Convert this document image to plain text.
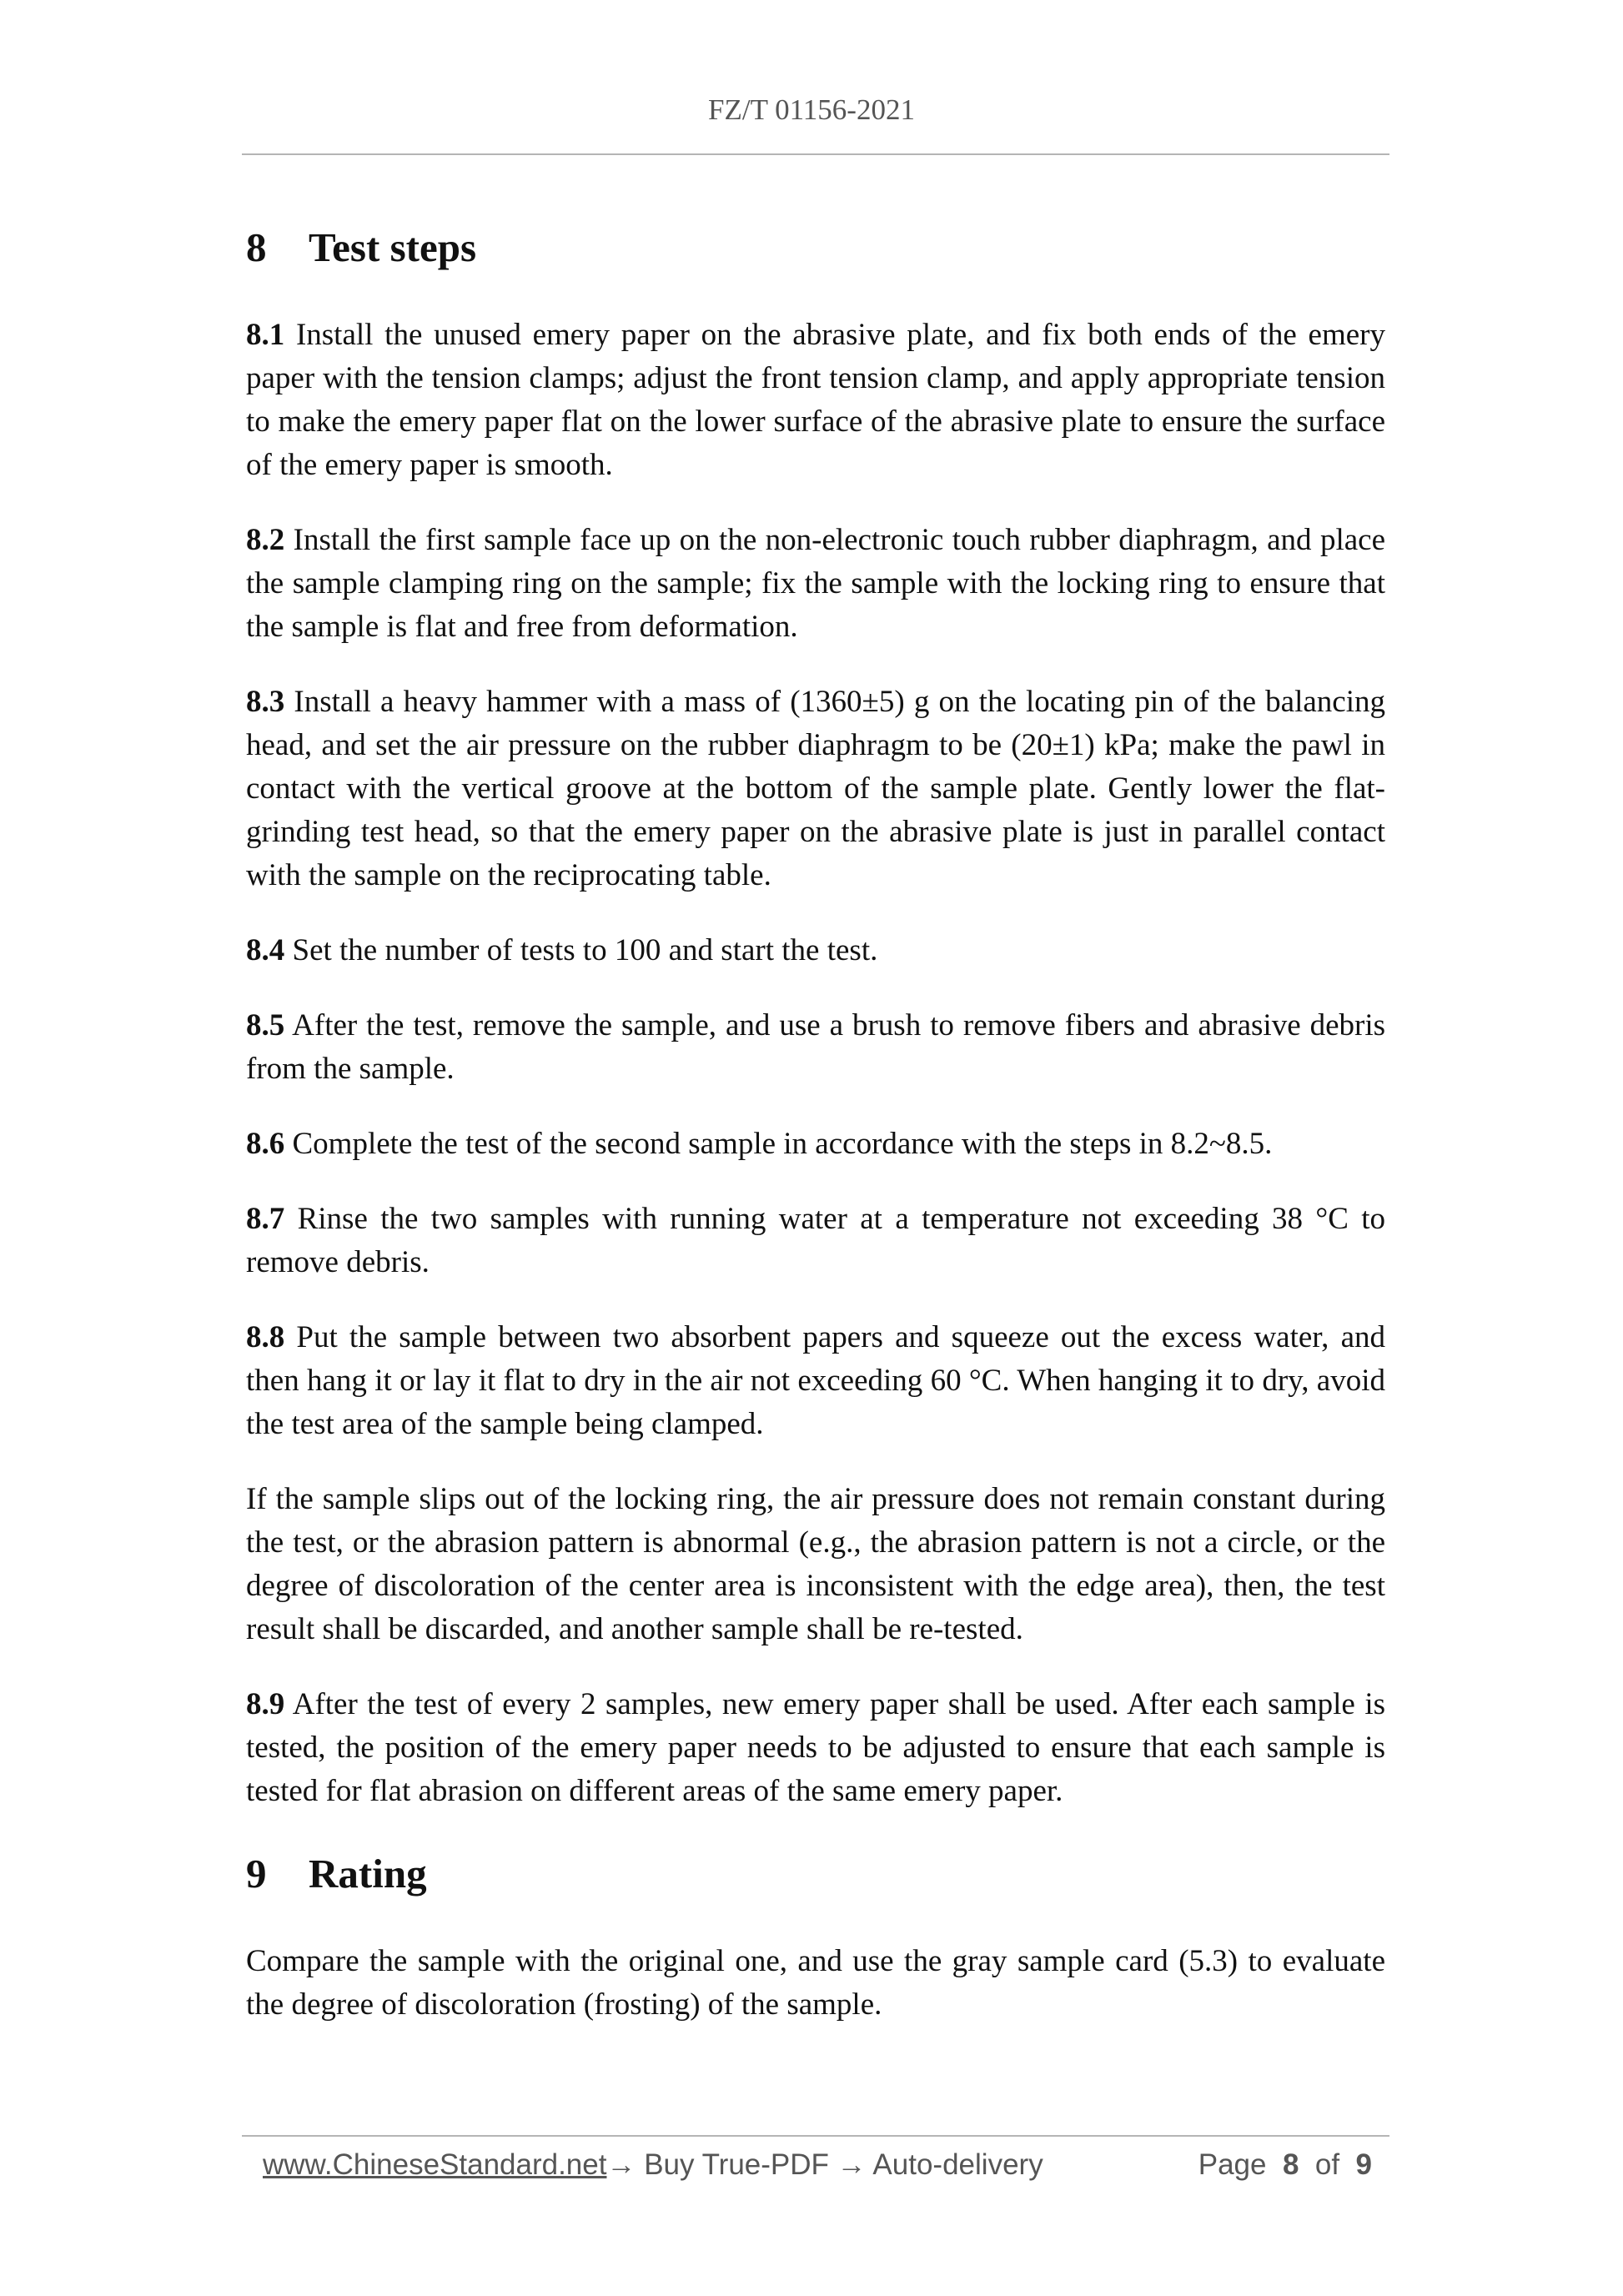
FZ/T 01156-2021
8 Test steps

8.1 Install the unused emery paper on the abrasive plate, and fix both ends of the emery paper with the tension clamps; adjust the front tension clamp, and apply appropriate tension to make the emery paper flat on the lower surface of the abrasive plate to ensure the surface of the emery paper is smooth.

8.2 Install the first sample face up on the non-electronic touch rubber diaphragm, and place the sample clamping ring on the sample; fix the sample with the locking ring to ensure that the sample is flat and free from deformation.

8.3 Install a heavy hammer with a mass of (1360±5) g on the locating pin of the balancing head, and set the air pressure on the rubber diaphragm to be (20±1) kPa; make the pawl in contact with the vertical groove at the bottom of the sample plate. Gently lower the flat-grinding test head, so that the emery paper on the abrasive plate is just in parallel contact with the sample on the reciprocating table.

8.4 Set the number of tests to 100 and start the test.

8.5 After the test, remove the sample, and use a brush to remove fibers and abrasive debris from the sample.

8.6 Complete the test of the second sample in accordance with the steps in 8.2~8.5.

8.7 Rinse the two samples with running water at a temperature not exceeding 38 °C to remove debris.

8.8 Put the sample between two absorbent papers and squeeze out the excess water, and then hang it or lay it flat to dry in the air not exceeding 60 °C. When hanging it to dry, avoid the test area of the sample being clamped.

If the sample slips out of the locking ring, the air pressure does not remain constant during the test, or the abrasion pattern is abnormal (e.g., the abrasion pattern is not a circle, or the degree of discoloration of the center area is inconsistent with the edge area), then, the test result shall be discarded, and another sample shall be re-tested.

8.9 After the test of every 2 samples, new emery paper shall be used. After each sample is tested, the position of the emery paper needs to be adjusted to ensure that each sample is tested for flat abrasion on different areas of the same emery paper.

9 Rating

Compare the sample with the original one, and use the gray sample card (5.3) to evaluate the degree of discoloration (frosting) of the sample.

www.ChineseStandard.net→ Buy True-PDF → Auto-delivery	Page 8 of 9
